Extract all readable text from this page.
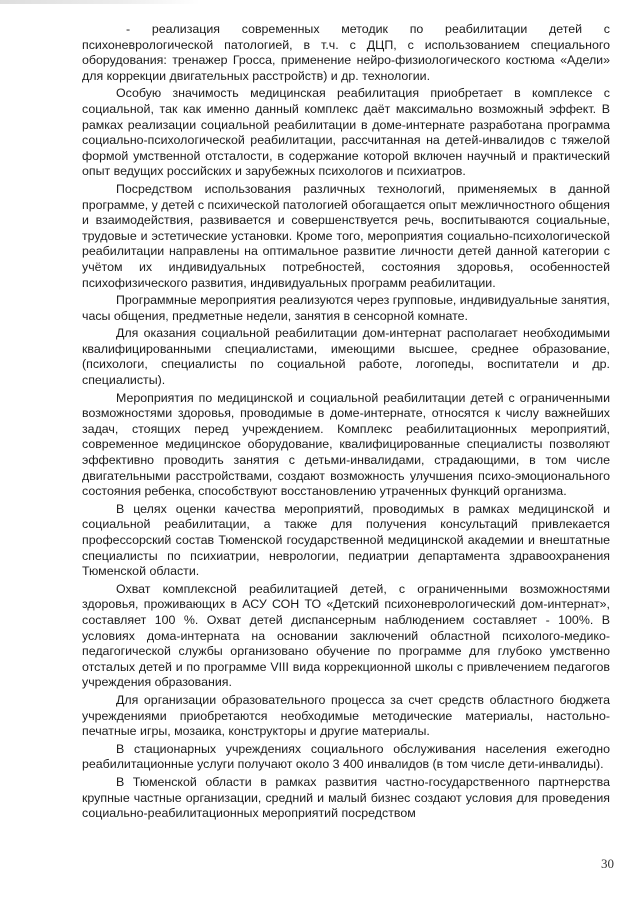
- реализация современных методик по реабилитации детей с психоневрологической патологией, в т.ч. с ДЦП, с использованием специального оборудования: тренажер Гросса, применение нейро-физиологического костюма «Адели» для коррекции двигательных расстройств) и др. технологии.

Особую значимость медицинская реабилитация приобретает в комплексе с социальной, так как именно данный комплекс даёт максимально возможный эффект. В рамках реализации социальной реабилитации в доме-интернате разработана программа социально-психологической реабилитации, рассчитанная на детей-инвалидов с тяжелой формой умственной отсталости, в содержание которой включен научный и практический опыт ведущих российских и зарубежных психологов и психиатров.

Посредством использования различных технологий, применяемых в данной программе, у детей с психической патологией обогащается опыт межличностного общения и взаимодействия, развивается и совершенствуется речь, воспитываются социальные, трудовые и эстетические установки. Кроме того, мероприятия социально-психологической реабилитации направлены на оптимальное развитие личности детей данной категории с учётом их индивидуальных потребностей, состояния здоровья, особенностей психофизического развития, индивидуальных программ реабилитации.

Программные мероприятия реализуются через групповые, индивидуальные занятия, часы общения, предметные недели, занятия в сенсорной комнате.

Для оказания социальной реабилитации дом-интернат располагает необходимыми квалифицированными специалистами, имеющими высшее, среднее образование, (психологи, специалисты по социальной работе, логопеды, воспитатели и др. специалисты).

Мероприятия по медицинской и социальной реабилитации детей с ограниченными возможностями здоровья, проводимые в доме-интернате, относятся к числу важнейших задач, стоящих перед учреждением. Комплекс реабилитационных мероприятий, современное медицинское оборудование, квалифицированные специалисты позволяют эффективно проводить занятия с детьми-инвалидами, страдающими, в том числе двигательными расстройствами, создают возможность улучшения психо-эмоционального состояния ребенка, способствуют восстановлению утраченных функций организма.

В целях оценки качества мероприятий, проводимых в рамках медицинской и социальной реабилитации, а также для получения консультаций привлекается профессорский состав Тюменской государственной медицинской академии и внештатные специалисты по психиатрии, неврологии, педиатрии департамента здравоохранения Тюменской области.

Охват комплексной реабилитацией детей, с ограниченными возможностями здоровья, проживающих в АСУ СОН ТО «Детский психоневрологический дом-интернат», составляет 100 %. Охват детей диспансерным наблюдением составляет - 100%. В условиях дома-интерната на основании заключений областной психолого-медико-педагогической службы организовано обучение по программе для глубоко умственно отсталых детей и по программе VIII вида коррекционной школы с привлечением педагогов учреждения образования.

Для организации образовательного процесса за счет средств областного бюджета учреждениями приобретаются необходимые методические материалы, настольно-печатные игры, мозаика, конструкторы и другие материалы.

В стационарных учреждениях социального обслуживания населения ежегодно реабилитационные услуги получают около 3 400 инвалидов (в том числе дети-инвалиды).

В Тюменской области в рамках развития частно-государственного партнерства крупные частные организации, средний и малый бизнес создают условия для проведения социально-реабилитационных мероприятий посредством

30
